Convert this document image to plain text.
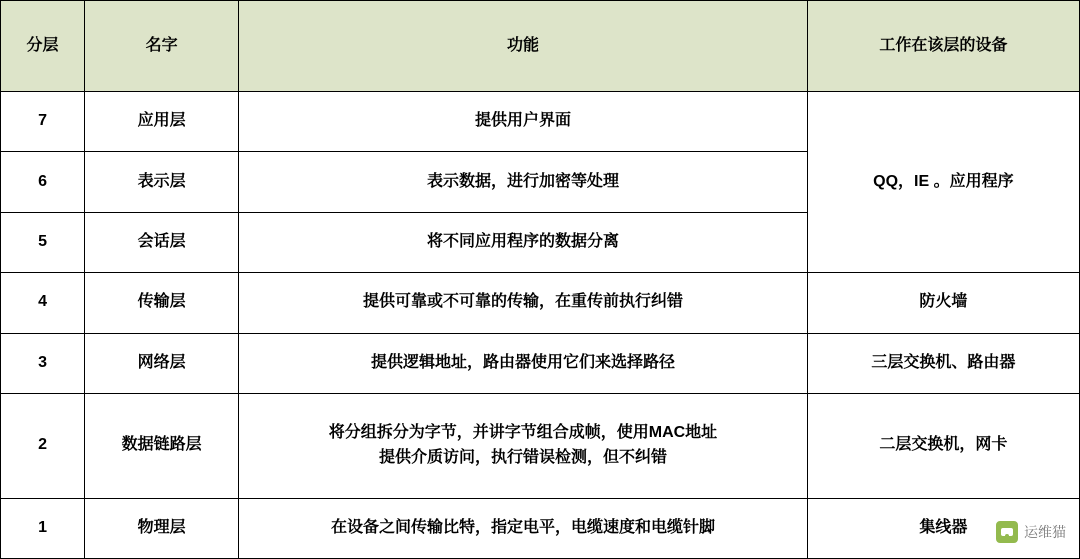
分层	名字	功能	工作在该层的设备
7	应用层	提供用户界面	QQ，IE 。应用程序
6	表示层	表示数据，进行加密等处理	
5	会话层	将不同应用程序的数据分离	
4	传输层	提供可靠或不可靠的传输，在重传前执行纠错	防火墙
3	网络层	提供逻辑地址，路由器使用它们来选择路径	三层交换机、路由器
2	数据链路层	将分组拆分为字节，并讲字节组合成帧，使用MAC地址
提供介质访问，执行错误检测，但不纠错	二层交换机，网卡
1	物理层	在设备之间传输比特，指定电平，电缆速度和电缆针脚	集线器	运维猫
